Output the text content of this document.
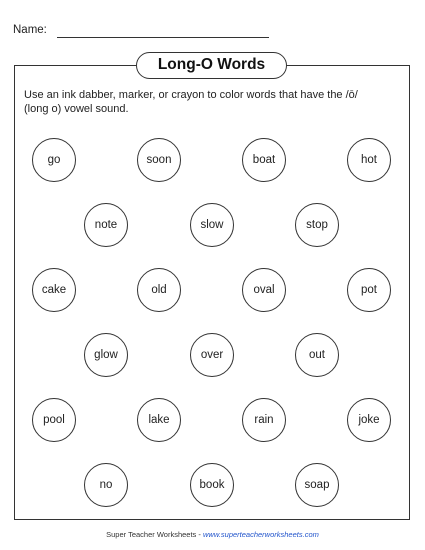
Name:
Long-O Words
Use an ink dabber, marker, or crayon to color words that have the /ō/ (long o) vowel sound.
go	soon	boat	hot
note	slow	stop
cake	old	oval	pot
glow	over	out
pool	lake	rain	joke
no	book	soap
Super Teacher Worksheets - www.superteacherworksheets.com
